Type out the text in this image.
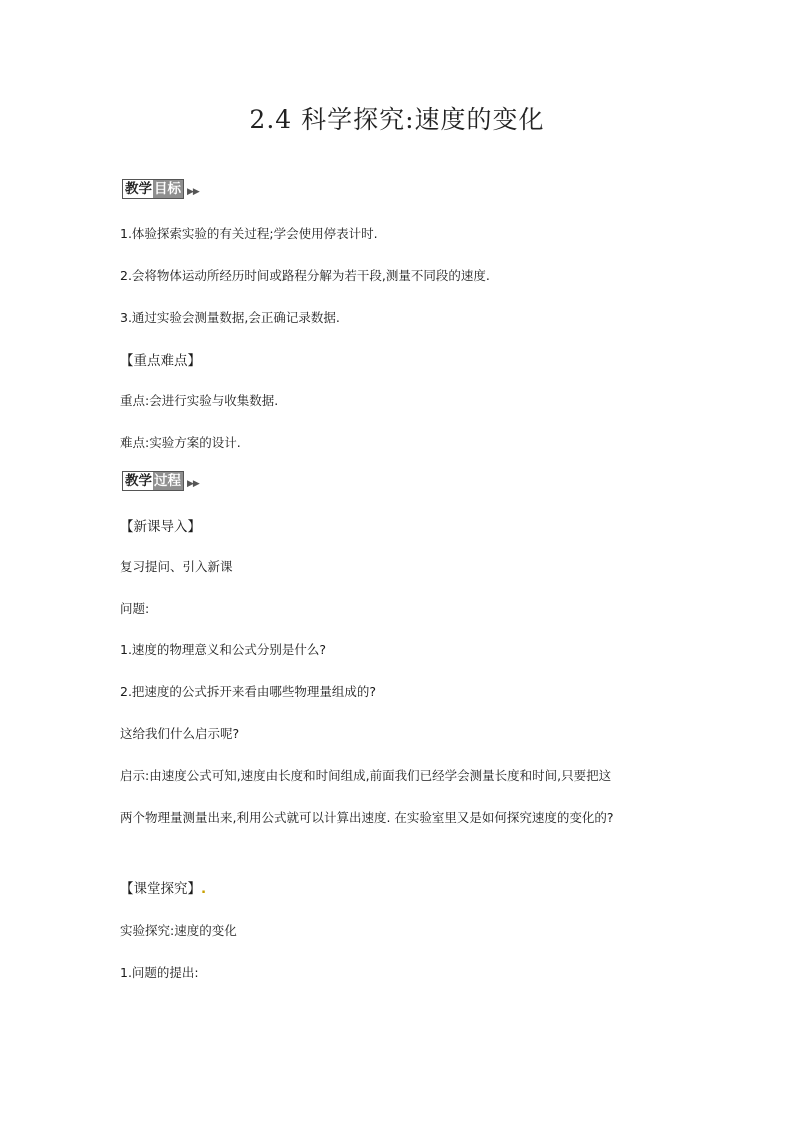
2.4 科学探究:速度的变化
教学 目标 ▶▶
1.体验探索实验的有关过程;学会使用停表计时.
2.会将物体运动所经历时间或路程分解为若干段,测量不同段的速度.
3.通过实验会测量数据,会正确记录数据.
【重点难点】
重点:会进行实验与收集数据.
难点:实验方案的设计.
教学 过程 ▶▶
【新课导入】
复习提问、引入新课
问题:
1.速度的物理意义和公式分别是什么?
2.把速度的公式拆开来看由哪些物理量组成的?
这给我们什么启示呢?
启示:由速度公式可知,速度由长度和时间组成,前面我们已经学会测量长度和时间,只要把这
两个物理量测量出来,利用公式就可以计算出速度. 在实验室里又是如何探究速度的变化的?
【课堂探究】.
实验探究:速度的变化
1.问题的提出:
